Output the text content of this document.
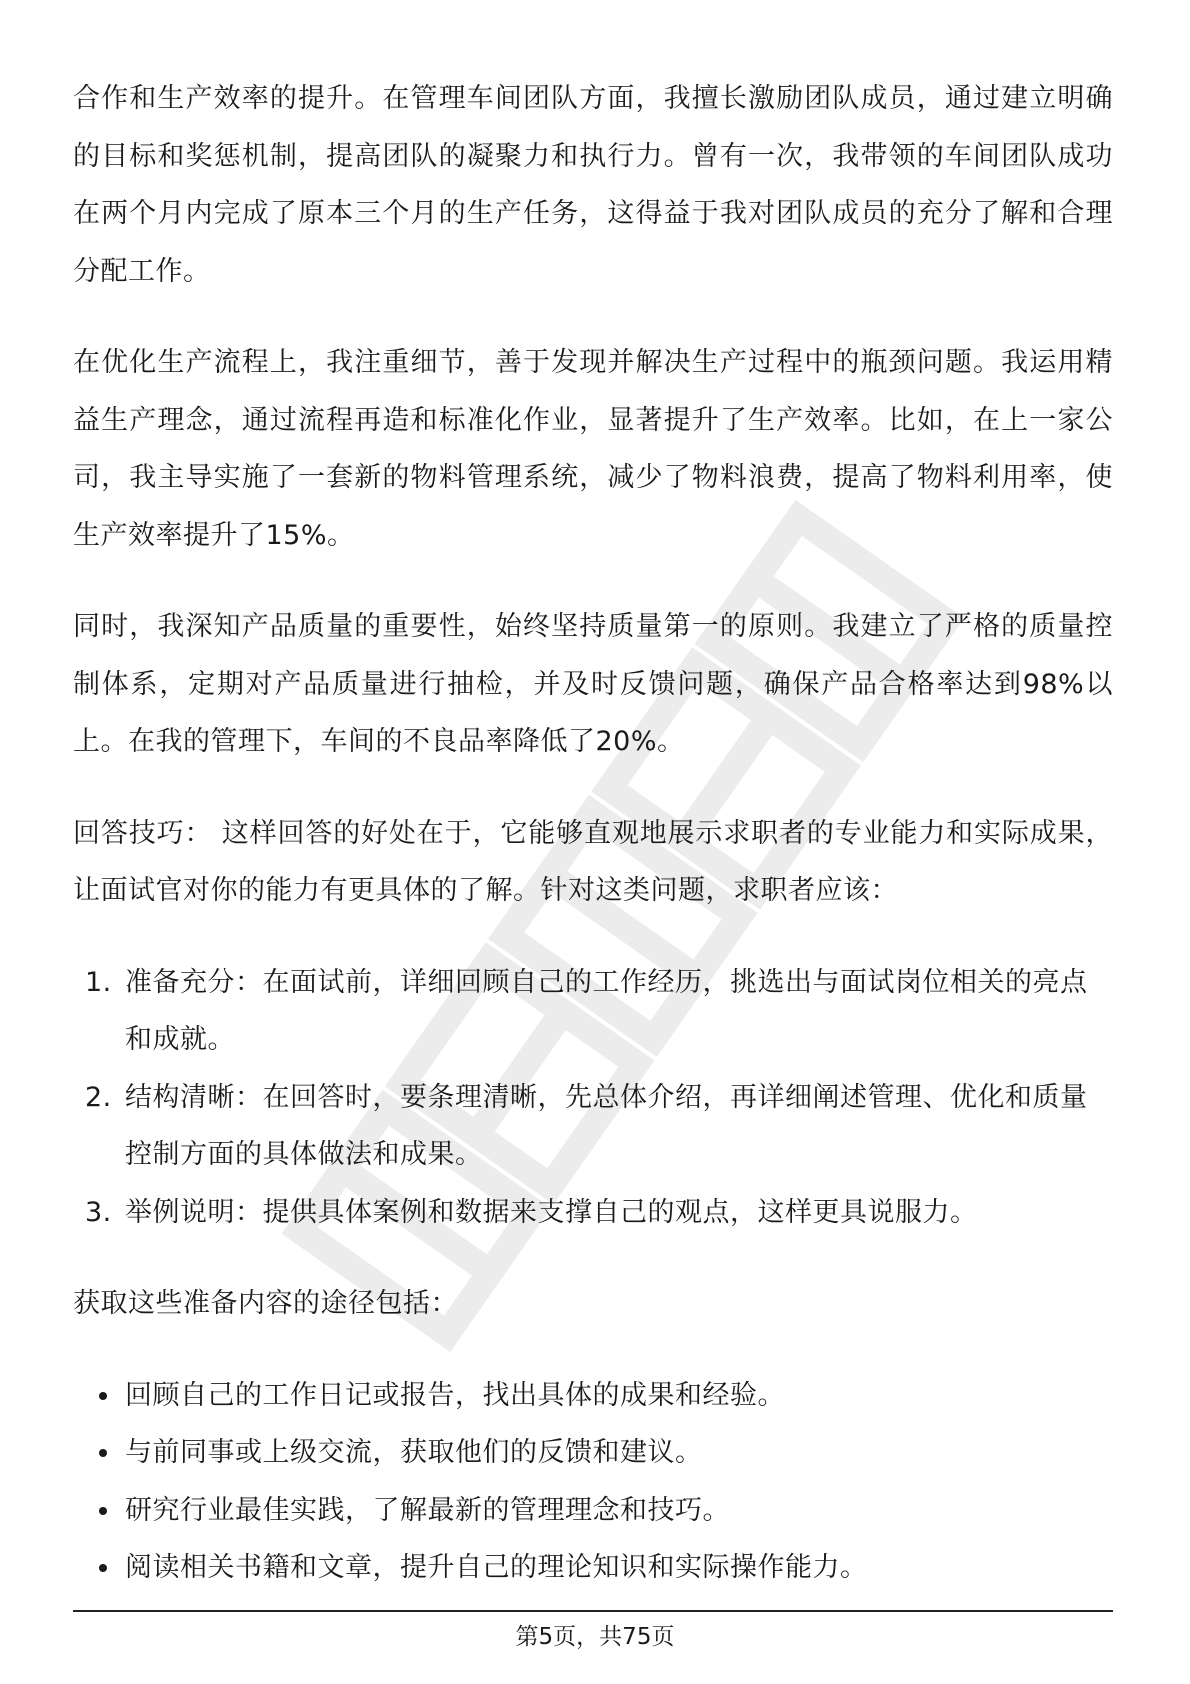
合作和生产效率的提升。在管理车间团队方面，我擅长激励团队成员，通过建立明确的目标和奖惩机制，提高团队的凝聚力和执行力。曾有一次，我带领的车间团队成功在两个月内完成了原本三个月的生产任务，这得益于我对团队成员的充分了解和合理分配工作。

在优化生产流程上，我注重细节，善于发现并解决生产过程中的瓶颈问题。我运用精益生产理念，通过流程再造和标准化作业，显著提升了生产效率。比如，在上一家公司，我主导实施了一套新的物料管理系统，减少了物料浪费，提高了物料利用率，使生产效率提升了15%。

同时，我深知产品质量的重要性，始终坚持质量第一的原则。我建立了严格的质量控制体系，定期对产品质量进行抽检，并及时反馈问题，确保产品合格率达到98%以上。在我的管理下，车间的不良品率降低了20%。

回答技巧： 这样回答的好处在于，它能够直观地展示求职者的专业能力和实际成果，让面试官对你的能力有更具体的了解。针对这类问题，求职者应该：

1. 准备充分：在面试前，详细回顾自己的工作经历，挑选出与面试岗位相关的亮点和成就。
2. 结构清晰：在回答时，要条理清晰，先总体介绍，再详细阐述管理、优化和质量控制方面的具体做法和成果。
3. 举例说明：提供具体案例和数据来支撑自己的观点，这样更具说服力。

获取这些准备内容的途径包括：

回顾自己的工作日记或报告，找出具体的成果和经验。
与前同事或上级交流，获取他们的反馈和建议。
研究行业最佳实践，了解最新的管理理念和技巧。
阅读相关书籍和文章，提升自己的理论知识和实际操作能力。
第5页，共75页
